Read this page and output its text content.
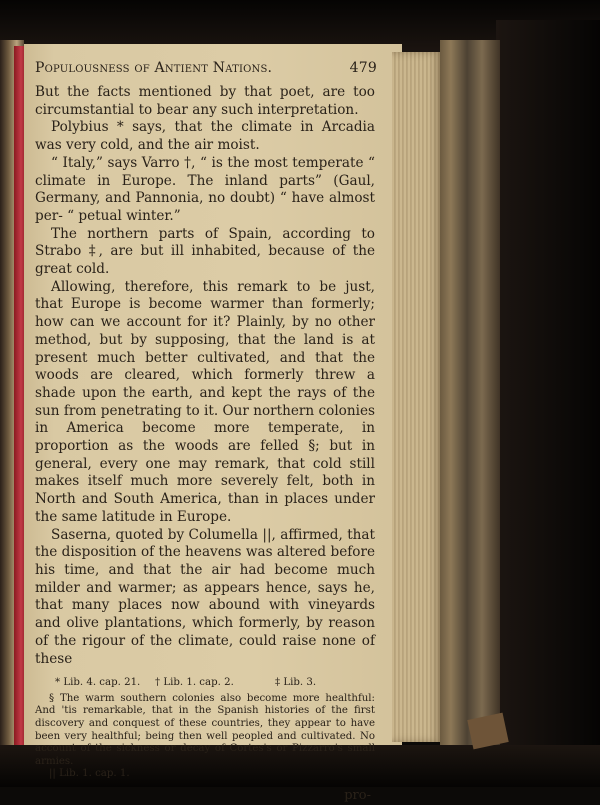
Populousness of Antient Nations.	479

But the facts mentioned by that poet, are too circumstantial to bear any such interpretation.

Polybius * says, that the climate in Arcadia was very cold, and the air moist.

“ Italy,” says Varro †, “ is the most temperate “ climate in Europe. The inland parts” (Gaul, Germany, and Pannonia, no doubt) “ have almost per- “ petual winter.”

The northern parts of Spain, according to Strabo ‡, are but ill inhabited, because of the great cold.

Allowing, therefore, this remark to be just, that Europe is become warmer than formerly; how can we account for it? Plainly, by no other method, but by supposing, that the land is at present much better cultivated, and that the woods are cleared, which formerly threw a shade upon the earth, and kept the rays of the sun from penetrating to it. Our northern colonies in America become more temperate, in proportion as the woods are felled §; but in general, every one may remark, that cold still makes itself much more severely felt, both in North and South America, than in places under the same latitude in Europe.

Saserna, quoted by Columella ||, affirmed, that the disposition of the heavens was altered before his time, and that the air had become much milder and warmer; as appears hence, says he, that many places now abound with vineyards and olive plantations, which formerly, by reason of the rigour of the climate, could raise none of these

* Lib. 4. cap. 21.	† Lib. 1. cap. 2.	‡ Lib. 3.

§ The warm southern colonies also become more healthful: And 'tis remarkable, that in the Spanish histories of the first discovery and conquest of these countries, they appear to have been very healthful; being then well peopled and cultivated. No account of the sickness or decay of Cortes's or Pizzarro's small armies.

|| Lib. 1. cap. 1.

pro-
